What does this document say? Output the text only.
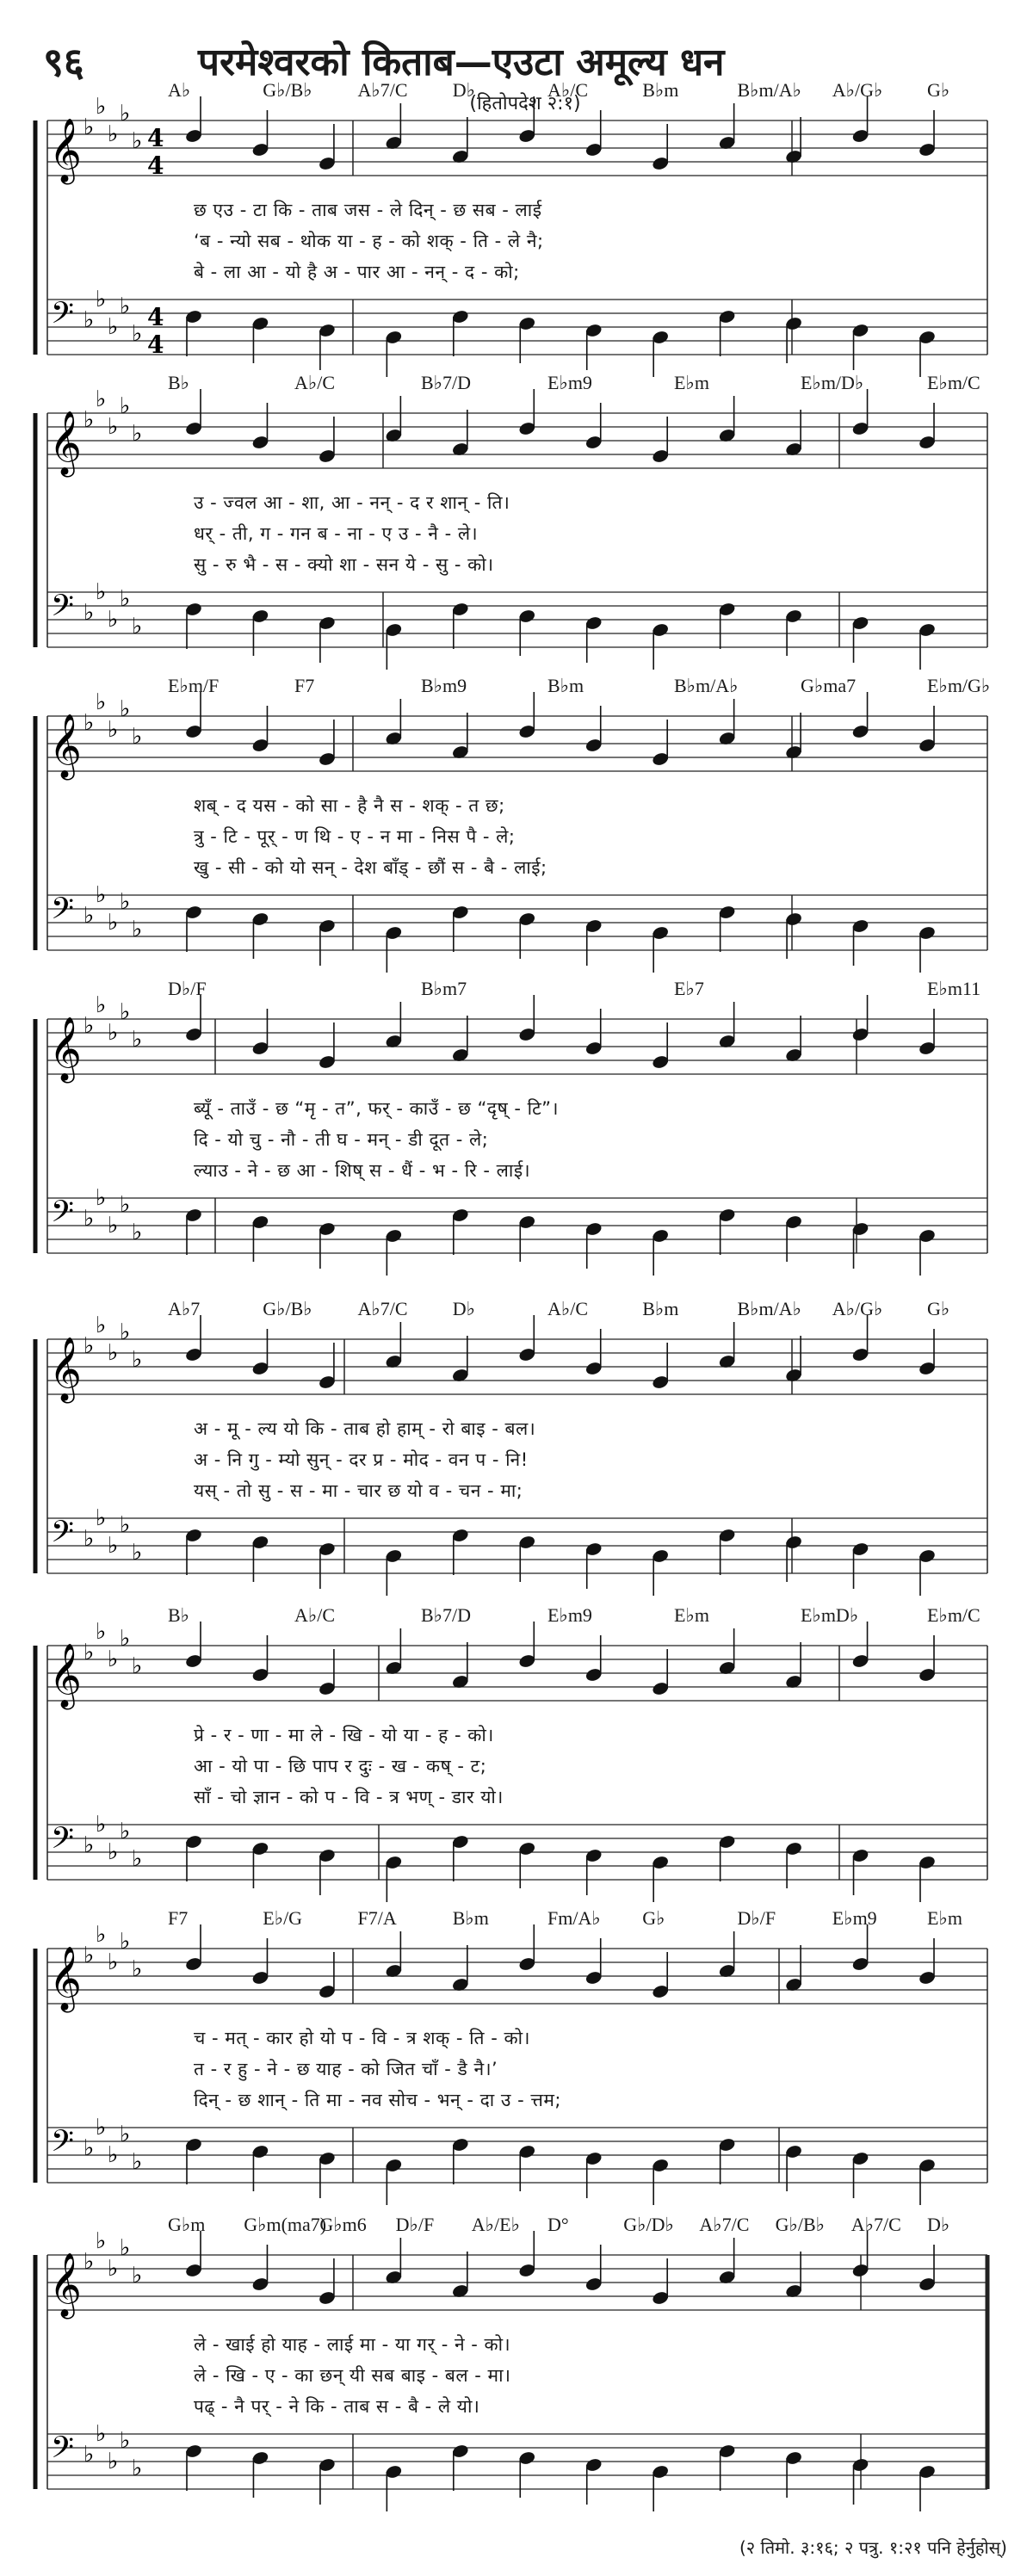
९६	परमेश्वरको किताब—एउटा अमूल्य धन
(हितोपदेश २:१)
𝄞
𝄢
♭
♭
♭
♭
♭
♭
♭
♭
♭
♭
4
4
4
4
𝄞
𝄢
♭
♭
♭
♭
♭
♭
♭
♭
♭
♭
𝄞
𝄢
♭
♭
♭
♭
♭
♭
♭
♭
♭
♭
𝄞
𝄢
♭
♭
♭
♭
♭
♭
♭
♭
♭
♭
𝄞
𝄢
♭
♭
♭
♭
♭
♭
♭
♭
♭
♭
𝄞
𝄢
♭
♭
♭
♭
♭
♭
♭
♭
♭
♭
𝄞
𝄢
♭
♭
♭
♭
♭
♭
♭
♭
♭
♭
𝄞
𝄢
♭
♭
♭
♭
♭
♭
♭
♭
♭
♭
A♭	G♭/B♭ A♭7/C D♭	A♭/C	B♭m	B♭m/A♭ A♭/G♭ G♭
छ एउ - टा कि - ताब जस - ले दिन् - छ सब - लाई
‘ब - न्यो सब - थोक या - ह - को शक् - ति - ले नै;
बे - ला आ - यो है अ - पार आ - नन् - द - को;
B♭	A♭/C	B♭7/D	E♭m9	E♭m	E♭m/D♭	E♭m/C
उ - ज्वल आ - शा, आ - नन् - द र शान् - ति।
धर् - ती, ग - गन ब - ना - ए उ - नै - ले।
सु - रु भै - स - क्यो शा - सन ये - सु - को।
E♭m/F	F7	B♭m9	B♭m	B♭m/A♭	G♭ma7	E♭m/G♭
शब् - द यस - को सा - है नै स - शक् - त छ;
त्रु - टि - पूर् - ण थि - ए - न मा - निस पै - ले;
खु - सी - को यो सन् - देश बाँड् - छौं स - बै - लाई;
D♭/F	B♭m7	E♭7	E♭m11
ब्यूँ - ताउँ - छ “मृ - त”, फर् - काउँ - छ “दृष् - टि”।
दि - यो चु - नौ - ती घ - मन् - डी दूत - ले;
ल्याउ - ने - छ आ - शिष् स - धैं - भ - रि - लाई।
A♭7	G♭/B♭ A♭7/C D♭	A♭/C	B♭m	B♭m/A♭ A♭/G♭ G♭
अ - मू - ल्य यो कि - ताब हो हाम् - रो बाइ - बल।
अ - नि गु - म्यो सुन् - दर प्र - मोद - वन प - नि!
यस् - तो सु - स - मा - चार छ यो व - चन - मा;
B♭	A♭/C	B♭7/D	E♭m9	E♭m	E♭mD♭	E♭m/C
प्रे - र - णा - मा ले - खि - यो या - ह - को।
आ - यो पा - छि पाप र दुः - ख - कष् - ट;
साँ - चो ज्ञान - को प - वि - त्र भण् - डार यो।
F7	E♭/G	F7/A	B♭m	Fm/A♭ G♭	D♭/F	E♭m9	E♭m
च - मत् - कार हो यो प - वि - त्र शक् - ति - को।
त - र हु - ने - छ याह - को जित चाँ - डै नै।’
दिन् - छ शान् - ति मा - नव सोच - भन् - दा उ - त्तम;
G♭m G♭m(ma7)
G♭m6 D♭/F A♭/E♭ D°	G♭/D♭ A♭7/C G♭/B♭ A♭7/C D♭
ले - खाई हो याह - लाई मा - या गर् - ने - को।
ले - खि - ए - का छन् यी सब बाइ - बल - मा।
पढ् - नै पर् - ने कि - ताब स - बै - ले यो।
(२ तिमो. ३:१६; २ पत्रु. १:२१ पनि हेर्नुहोस्)
